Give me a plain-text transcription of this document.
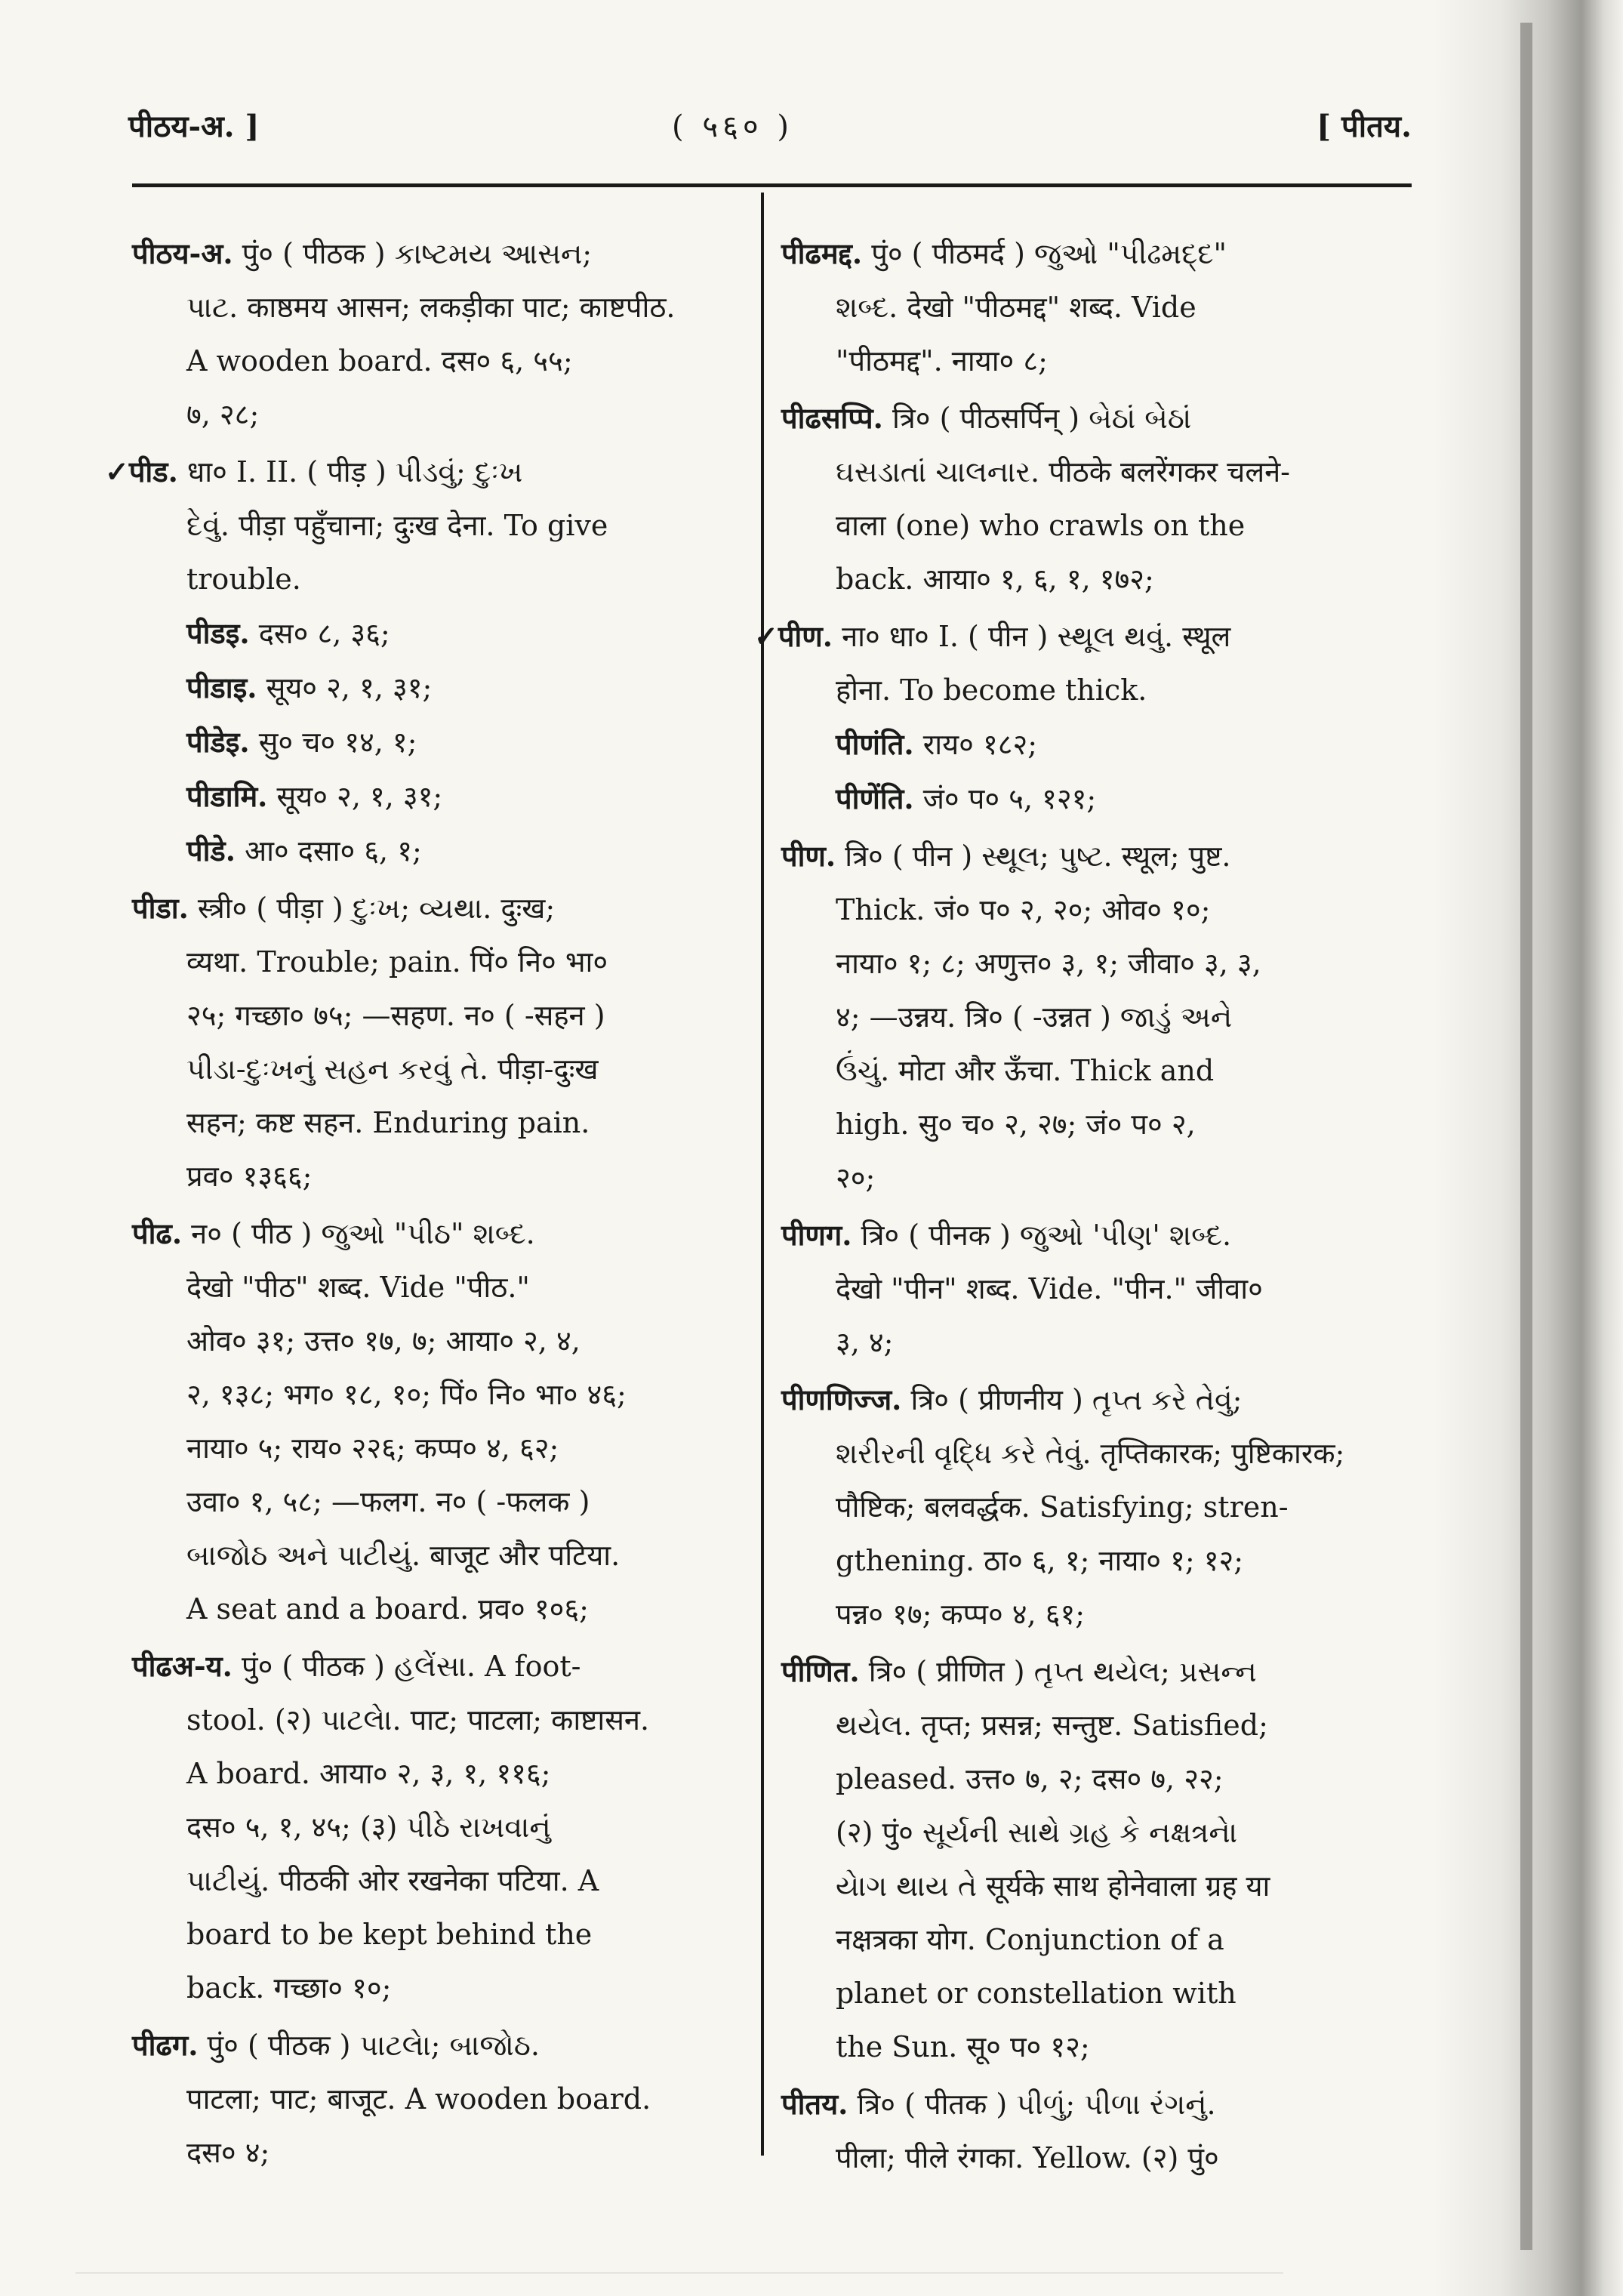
पीठय-अ. ]	( ५६० )	[ पीतय.
पीठय-अ. पुं० ( पीठक ) કાષ્ટમય આસન;
પાટ. काष्ठमय आसन; लकड़ीका पाट; काष्टपीठ.
A wooden board. दस० ६, ५५;
७, २८;
✓पीड. धा० I. II. ( पीड़ ) પીડવું; દુઃખ
દેવું. पीड़ा पहुँचाना; दुःख देना. To give
trouble.
पीडइ. दस० ८, ३६;
पीडाइ. सूय० २, १, ३१;
पीडेइ. सु० च० १४, १;
पीडामि. सूय० २, १, ३१;
पीडे. आ० दसा० ६, १;
पीडा. स्त्री० ( पीड़ा ) દુઃખ; વ્યથા. दुःख;
व्यथा. Trouble; pain. पिं० नि० भा०
२५; गच्छा० ७५; —सहण. न० ( -सहन )
પીડા-દુઃખનું સહન કરવું તે. पीड़ा-दुःख
सहन; कष्ट सहन. Enduring pain.
प्रव० १३६६;
पीढ. न० ( पीठ ) જુઓ "પીઠ" શબ્દ.
देखो "पीठ" शब्द. Vide "पीठ."
ओव० ३१; उत्त० १७, ७; आया० २, ४,
२, १३८; भग० १८, १०; पिं० नि० भा० ४६;
नाया० ५; राय० २२६; कप्प० ४, ६२;
उवा० १, ५८; —फलग. न० ( -फलक )
બાજોઠ અને પાટીયું. बाजूट और पटिया.
A seat and a board. प्रव० १०६;
पीढअ-य. पुं० ( पीठक ) હલેંસા. A foot-
stool. (२) પાટલેા. पाट; पाटला; काष्टासन.
A board. आया० २, ३, १, ११६;
दस० ५, १, ४५; (३) પીઠે રાખવાનું
પાટીયું. पीठकी ओर रखनेका पटिया. A
board to be kept behind the
back. गच्छा० १०;
पीढग. पुं० ( पीठक ) પાટલેા; બાજોઠ.
पाटला; पाट; बाजूट. A wooden board.
दस० ४;
पीढमद्द. पुं० ( पीठमर्द ) જુઓ "પીઢમદ્દ"
શબ્દ. देखो "पीठमद्द" शब्द. Vide
"पीठमद्द". नाया० ८;
पीढसप्पि. त्रि० ( पीठसर्पिन् ) બેઠાં બેઠાં
ઘસડાતાં ચાલનાર. पीठके बलरेंगकर चलने-
वाला (one) who crawls on the
back. आया० १, ६, १, १७२;
✓पीण. ना० धा० I. ( पीन ) સ્થૂલ થવું. स्थूल
होना. To become thick.
पीणंति. राय० १८२;
पीणेंति. जं० प० ५, १२१;
पीण. त्रि० ( पीन ) સ્થૂલ; પુષ્ટ. स्थूल; पुष्ट.
Thick. जं० प० २, २०; ओव० १०;
नाया० १; ८; अणुत्त० ३, १; जीवा० ३, ३,
४; —उन्नय. त्रि० ( -उन्नत ) જાડું અને
ઉંચું. मोटा और ऊँचा. Thick and
high. सु० च० २, २७; जं० प० २,
२०;
पीणग. त्रि० ( पीनक ) જુઓ 'પીણ' શબ્દ.
देखो "पीन" शब्द. Vide. "पीन." जीवा०
३, ४;
पीणणिज्ज. त्रि० ( प्रीणनीय ) તૃપ્ત કરે તેવું;
શરીરની વૃદ્ધિ કરે તેવું. तृप्तिकारक; पुष्टिकारक;
पौष्टिक; बलवर्द्धक. Satisfying; stren-
gthening. ठा० ६, १; नाया० १; १२;
पन्न० १७; कप्प० ४, ६१;
पीणित. त्रि० ( प्रीणित ) તૃપ્ત થયેલ; પ્રસન્ન
થયેલ. तृप्त; प्रसन्न; सन्तुष्ट. Satisfied;
pleased. उत्त० ७, २; दस० ७, २२;
(२) पुं० સૂર્યની સાથે ગ્રહ કે નક્ષત્રનેા
યેાગ થાય તે सूर्यके साथ होनेवाला ग्रह या
नक्षत्रका योग. Conjunction of a
planet or constellation with
the Sun. सू० प० १२;
पीतय. त्रि० ( पीतक ) પીળું; પીળા રંગનું.
पीला; पीले रंगका. Yellow. (२) पुं०
